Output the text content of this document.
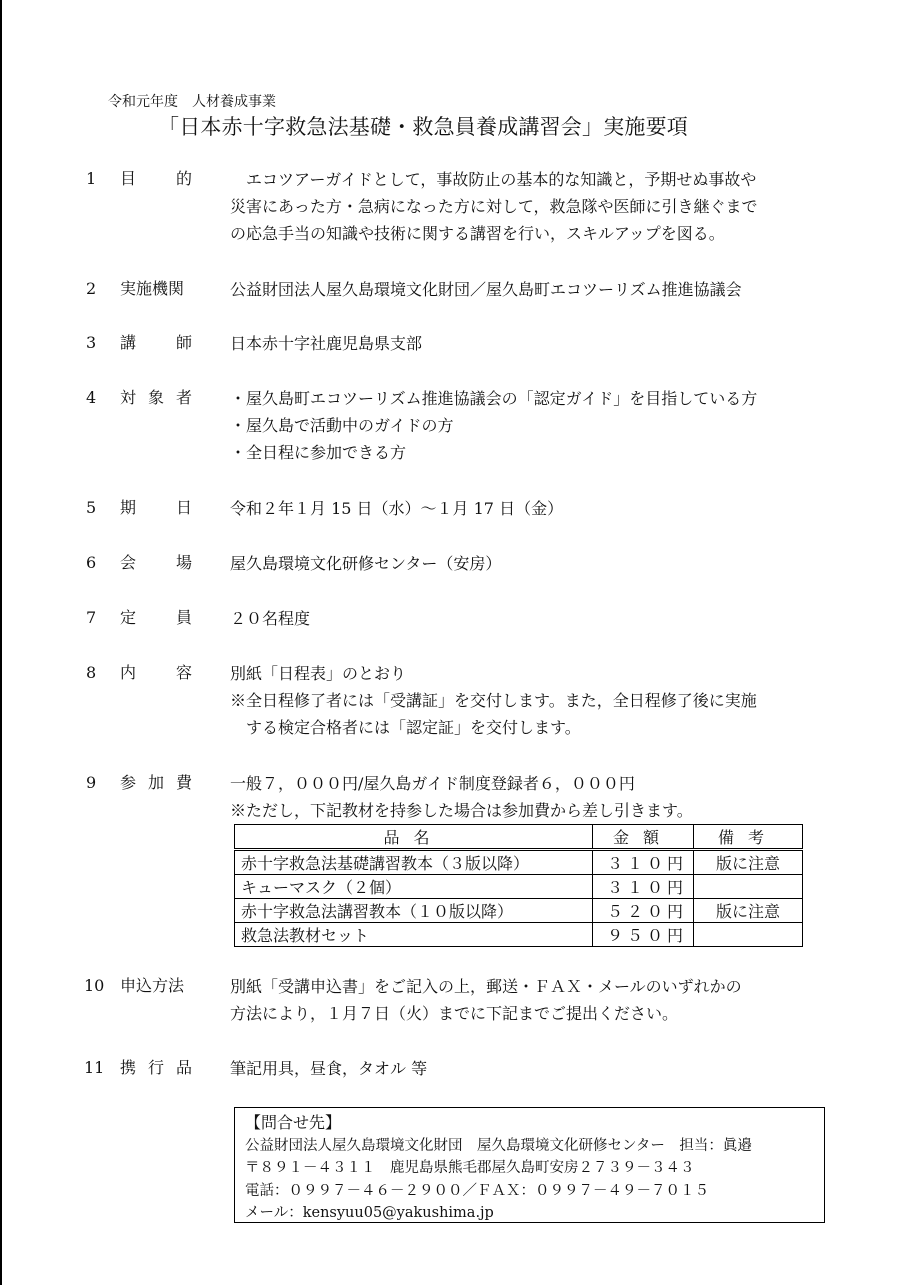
令和元年度　人材養成事業
「日本赤十字救急法基礎・救急員養成講習会」実施要項
1	目 的 　エコツアーガイドとして，事故防止の基本的な知識と，予期せぬ事故や
災害にあった方・急病になった方に対して，救急隊や医師に引き継ぐまで
の応急手当の知識や技術に関する講習を行い，スキルアップを図る。
2	実施機関	公益財団法人屋久島環境文化財団／屋久島町エコツーリズム推進協議会
3	講 師 日本赤十字社鹿児島県支部
4	対 象 者 ・屋久島町エコツーリズム推進協議会の「認定ガイド」を目指している方
・屋久島で活動中のガイドの方
・全日程に参加できる方
5	期 日 令和２年１月 15 日（水）～１月 17 日（金）
6	会 場 屋久島環境文化研修センター（安房）
7	定 員 ２０名程度
8	内 容 別紙「日程表」のとおり
※全日程修了者には「受講証」を交付します。また，全日程修了後に実施
　する検定合格者には「認定証」を交付します。
9	参 加 費 一般７，０００円/屋久島ガイド制度登録者６，０００円
※ただし，下記教材を持参した場合は参加費から差し引きます。
品名	金額	備考
赤十字救急法基礎講習教本（３版以降）	３１０円	版に注意
キューマスク（２個）	３１０円	
赤十字救急法講習教本（１０版以降）	５２０円	版に注意
救急法教材セット	９５０円	
10 申込方法	別紙「受講申込書」をご記入の上，郵送・ＦＡＸ・メールのいずれかの
方法により，１月７日（火）までに下記までご提出ください。
11 携 行 品 筆記用具，昼食，タオル 等
【問合せ先】
公益財団法人屋久島環境文化財団　屋久島環境文化研修センター　担当：眞邉
〒８９１－４３１１　鹿児島県熊毛郡屋久島町安房２７３９－３４３
電話：０９９７－４６－２９００／ＦＡＸ：０９９７－４９－７０１５
メール：kensyuu05@yakushima.jp
